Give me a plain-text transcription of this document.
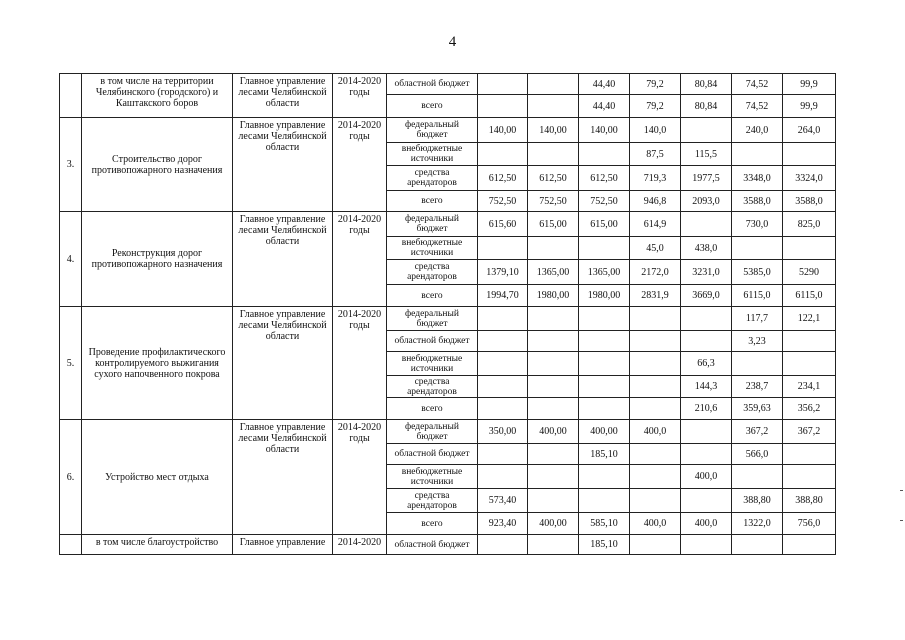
4
	в том числе на территории Челябинского (городского) и Каштакского боров	Главное управление лесами Челябинской области	2014-2020 годы	областной бюджет			44,40	79,2	80,84	74,52	99,9
				всего			44,40	79,2	80,84	74,52	99,9
3.	Строительство дорог противопожарного назначения	Главное управление лесами Челябинской области	2014-2020 годы	федеральный бюджет	140,00	140,00	140,00	140,0		240,0	264,0
				внебюджетные источники				87,5	115,5		
				средства арендаторов	612,50	612,50	612,50	719,3	1977,5	3348,0	3324,0
				всего	752,50	752,50	752,50	946,8	2093,0	3588,0	3588,0
4.	Реконструкция дорог противопожарного назначения	Главное управление лесами Челябинской области	2014-2020 годы	федеральный бюджет	615,60	615,00	615,00	614,9		730,0	825,0
				внебюджетные источники				45,0	438,0		
				средства арендаторов	1379,10	1365,00	1365,00	2172,0	3231,0	5385,0	5290
				всего	1994,70	1980,00	1980,00	2831,9	3669,0	6115,0	6115,0
5.	Проведение профилактического контролируемого выжигания сухого напочвенного покрова	Главное управление лесами Челябинской области	2014-2020 годы	федеральный бюджет						117,7	122,1
				областной бюджет						3,23	
				внебюджетные источники					66,3		
				средства арендаторов					144,3	238,7	234,1
				всего					210,6	359,63	356,2
6.	Устройство мест отдыха	Главное управление лесами Челябинской области	2014-2020 годы	федеральный бюджет	350,00	400,00	400,00	400,0		367,2	367,2
				областной бюджет			185,10			566,0	
				внебюджетные источники					400,0		
				средства арендаторов	573,40					388,80	388,80
				всего	923,40	400,00	585,10	400,0	400,0	1322,0	756,0
	в том числе благоустройство	Главное управление	2014-2020	областной бюджет			185,10				
